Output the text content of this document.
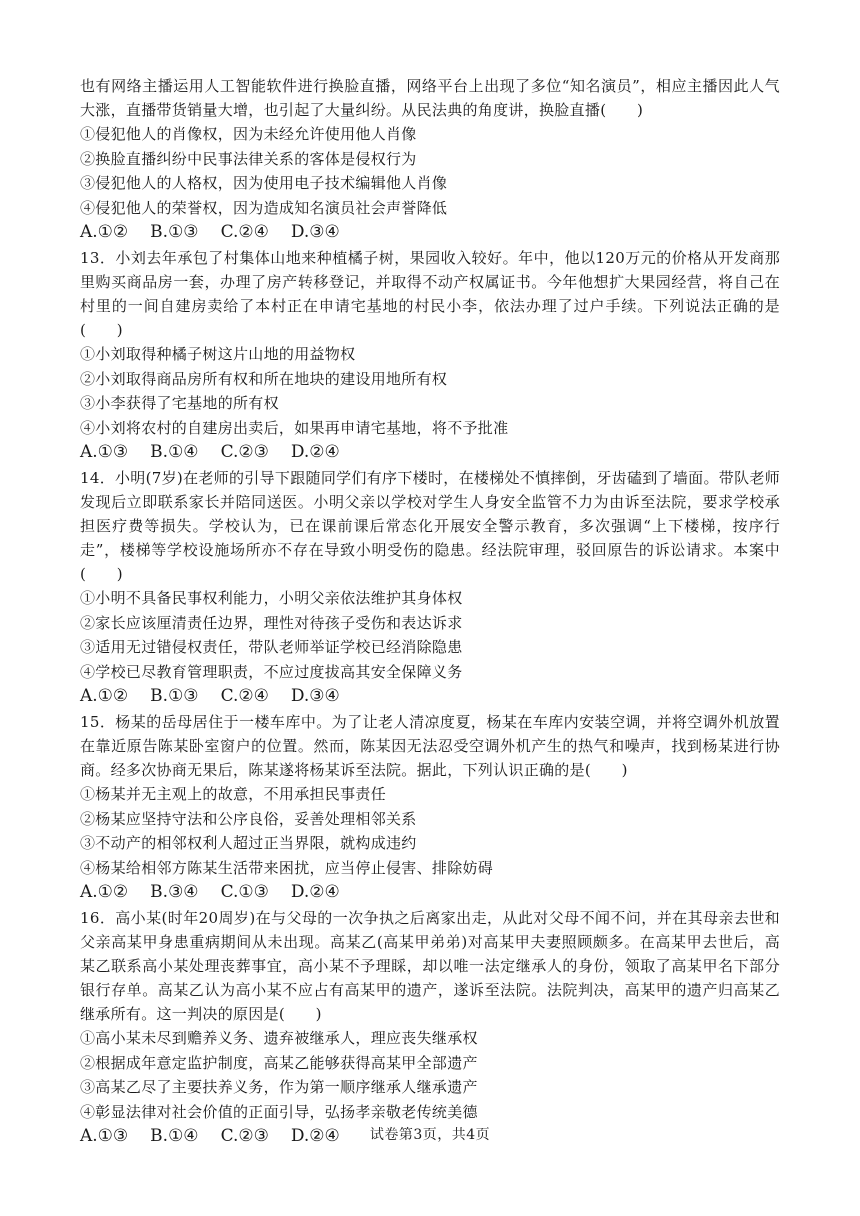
也有网络主播运用人工智能软件进行换脸直播，网络平台上出现了多位“知名演员”，相应主播因此人气大涨，直播带货销量大增，也引起了大量纠纷。从民法典的角度讲，换脸直播(　　)

①侵犯他人的肖像权，因为未经允许使用他人肖像

②换脸直播纠纷中民事法律关系的客体是侵权行为

③侵犯他人的人格权，因为使用电子技术编辑他人肖像

④侵犯他人的荣誉权，因为造成知名演员社会声誉降低

A.①② B.①③ C.②④ D.③④

13．小刘去年承包了村集体山地来种植橘子树，果园收入较好。年中，他以120万元的价格从开发商那里购买商品房一套，办理了房产转移登记，并取得不动产权属证书。今年他想扩大果园经营，将自己在村里的一间自建房卖给了本村正在申请宅基地的村民小李，依法办理了过户手续。下列说法正确的是(　　)

①小刘取得种橘子树这片山地的用益物权

②小刘取得商品房所有权和所在地块的建设用地所有权

③小李获得了宅基地的所有权

④小刘将农村的自建房出卖后，如果再申请宅基地，将不予批准

A.①③ B.①④ C.②③ D.②④

14．小明(7岁)在老师的引导下跟随同学们有序下楼时，在楼梯处不慎摔倒，牙齿磕到了墙面。带队老师发现后立即联系家长并陪同送医。小明父亲以学校对学生人身安全监管不力为由诉至法院，要求学校承担医疗费等损失。学校认为，已在课前课后常态化开展安全警示教育，多次强调“上下楼梯，按序行走”，楼梯等学校设施场所亦不存在导致小明受伤的隐患。经法院审理，驳回原告的诉讼请求。本案中(　　)

①小明不具备民事权利能力，小明父亲依法维护其身体权

②家长应该厘清责任边界，理性对待孩子受伤和表达诉求

③适用无过错侵权责任，带队老师举证学校已经消除隐患

④学校已尽教育管理职责，不应过度拔高其安全保障义务

A.①② B.①③ C.②④ D.③④

15．杨某的岳母居住于一楼车库中。为了让老人清凉度夏，杨某在车库内安装空调，并将空调外机放置在靠近原告陈某卧室窗户的位置。然而，陈某因无法忍受空调外机产生的热气和噪声，找到杨某进行协商。经多次协商无果后，陈某遂将杨某诉至法院。据此，下列认识正确的是(　　)

①杨某并无主观上的故意，不用承担民事责任

②杨某应坚持守法和公序良俗，妥善处理相邻关系

③不动产的相邻权利人超过正当界限，就构成违约

④杨某给相邻方陈某生活带来困扰，应当停止侵害、排除妨碍

A.①② B.③④ C.①③ D.②④

16．高小某(时年20周岁)在与父母的一次争执之后离家出走，从此对父母不闻不问，并在其母亲去世和父亲高某甲身患重病期间从未出现。高某乙(高某甲弟弟)对高某甲夫妻照顾颇多。在高某甲去世后，高某乙联系高小某处理丧葬事宜，高小某不予理睬，却以唯一法定继承人的身份，领取了高某甲名下部分银行存单。高某乙认为高小某不应占有高某甲的遗产，遂诉至法院。法院判决，高某甲的遗产归高某乙继承所有。这一判决的原因是(　　)

①高小某未尽到赡养义务、遗弃被继承人，理应丧失继承权

②根据成年意定监护制度，高某乙能够获得高某甲全部遗产

③高某乙尽了主要扶养义务，作为第一顺序继承人继承遗产

④彰显法律对社会价值的正面引导，弘扬孝亲敬老传统美德

A.①③ B.①④ C.②③ D.②④	试卷第3页，共4页
